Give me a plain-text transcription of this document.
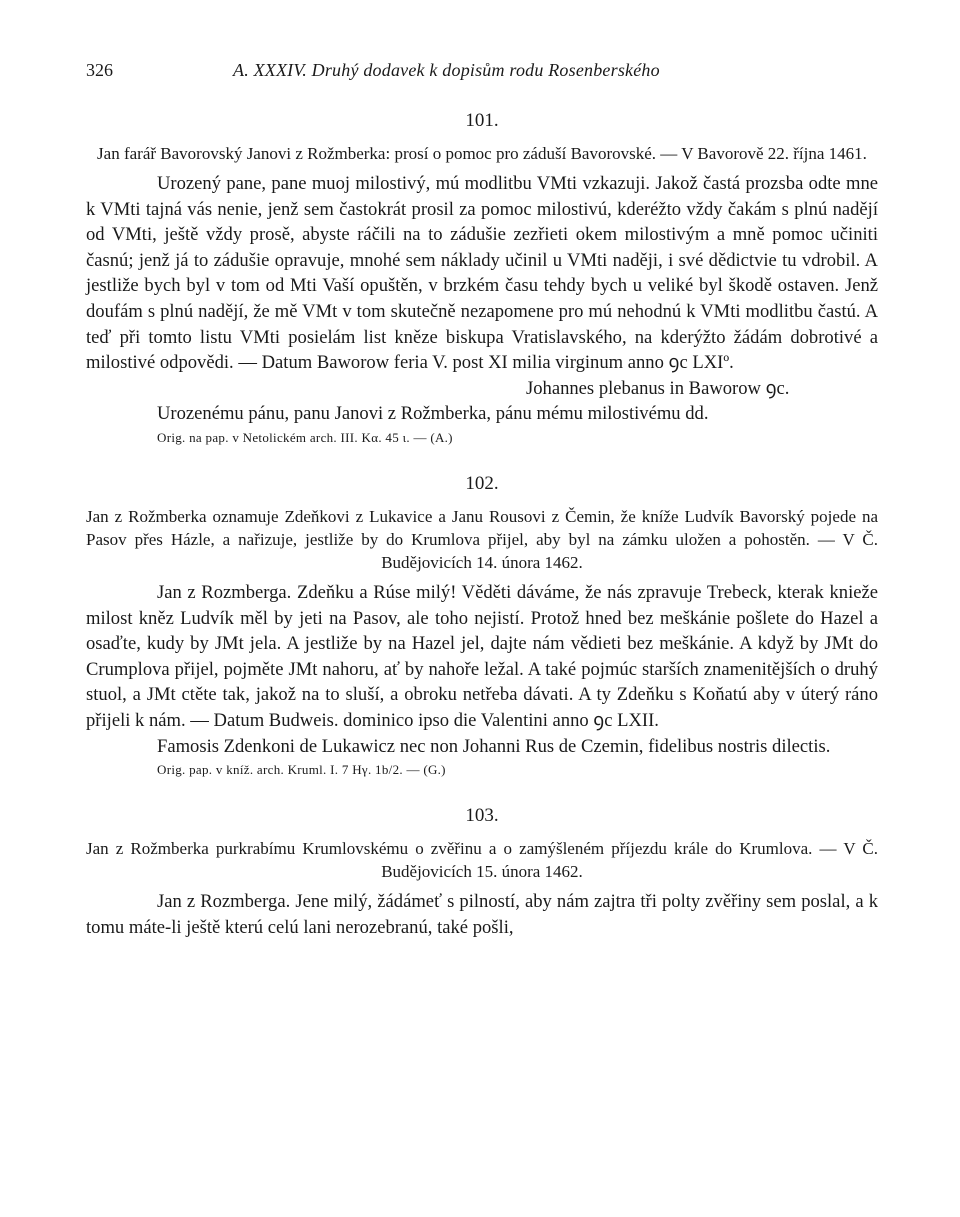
326	A. XXXIV. Druhý dodavek k dopisům rodu Rosenberského
101.
Jan farář Bavorovský Janovi z Rožmberka: prosí o pomoc pro záduší Bavorovské. — V Bavorově 22. října 1461.

Urozený pane, pane muoj milostivý, mú modlitbu VMti vzkazuji. Jakož častá prozsba odte mne k VMti tajná vás nenie, jenž sem častokrát prosil za pomoc milostivú, kderéžto vždy čakám s plnú nadějí od VMti, ještě vždy prosě, abyste ráčili na to zádušie zezřieti okem milostivým a mně pomoc učiniti časnú; jenž já to zádušie opravuje, mnohé sem náklady učinil u VMti naději, i své dědictvie tu vdrobil. A jestliže bych byl v tom od Mti Vaší opuštěn, v brzkém času tehdy bych u veliké byl škodě ostaven. Jenž doufám s plnú nadějí, že mě VMt v tom skutečně nezapomene pro mú nehodnú k VMti modlitbu častú. A teď při tomto listu VMti posielám list kněze biskupa Vratislavského, na kderýžto žádám dobrotivé a milostivé odpovědi. — Datum Baworow feria V. post XI milia virginum anno ꝯc LXIº.

Johannes plebanus in Baworow ꝯc.
Urozenému pánu, panu Janovi z Rožmberka, pánu mému milostivému dd.
Orig. na pap. v Netolickém arch. III. Kα. 45 ι. — (A.)
102.
Jan z Rožmberka oznamuje Zdeňkovi z Lukavice a Janu Rousovi z Čemin, že kníže Ludvík Bavorský pojede na Pasov přes Házle, a nařizuje, jestliže by do Krumlova přijel, aby byl na zámku uložen a pohostěn. — V Č. Budějovicích 14. února 1462.

Jan z Rozmberga. Zdeňku a Rúse milý! Věděti dáváme, že nás zpravuje Trebeck, kterak knieže milost kněz Ludvík měl by jeti na Pasov, ale toho nejistí. Protož hned bez meškánie pošlete do Hazel a osaďte, kudy by JMt jela. A jestliže by na Hazel jel, dajte nám vědieti bez meškánie. A když by JMt do Crumplova přijel, pojměte JMt nahoru, ať by nahoře ležal. A také pojmúc starších znamenitějších o druhý stuol, a JMt ctěte tak, jakož na to sluší, a obroku netřeba dávati. A ty Zdeňku s Koňatú aby v úterý ráno přijeli k nám. — Datum Budweis. dominico ipso die Valentini anno ꝯc LXII.

Famosis Zdenkoni de Lukawicz nec non Johanni Rus de Czemin, fidelibus nostris dilectis.
Orig. pap. v kníž. arch. Kruml. I. 7 Hγ. 1b/2. — (G.)
103.
Jan z Rožmberka purkrabímu Krumlovskému o zvěřinu a o zamýšleném příjezdu krále do Krumlova. — V Č. Budějovicích 15. února 1462.

Jan z Rozmberga. Jene milý, žádámeť s pilností, aby nám zajtra tři polty zvěřiny sem poslal, a k tomu máte-li ještě kterú celú lani nerozebranú, také pošli,
